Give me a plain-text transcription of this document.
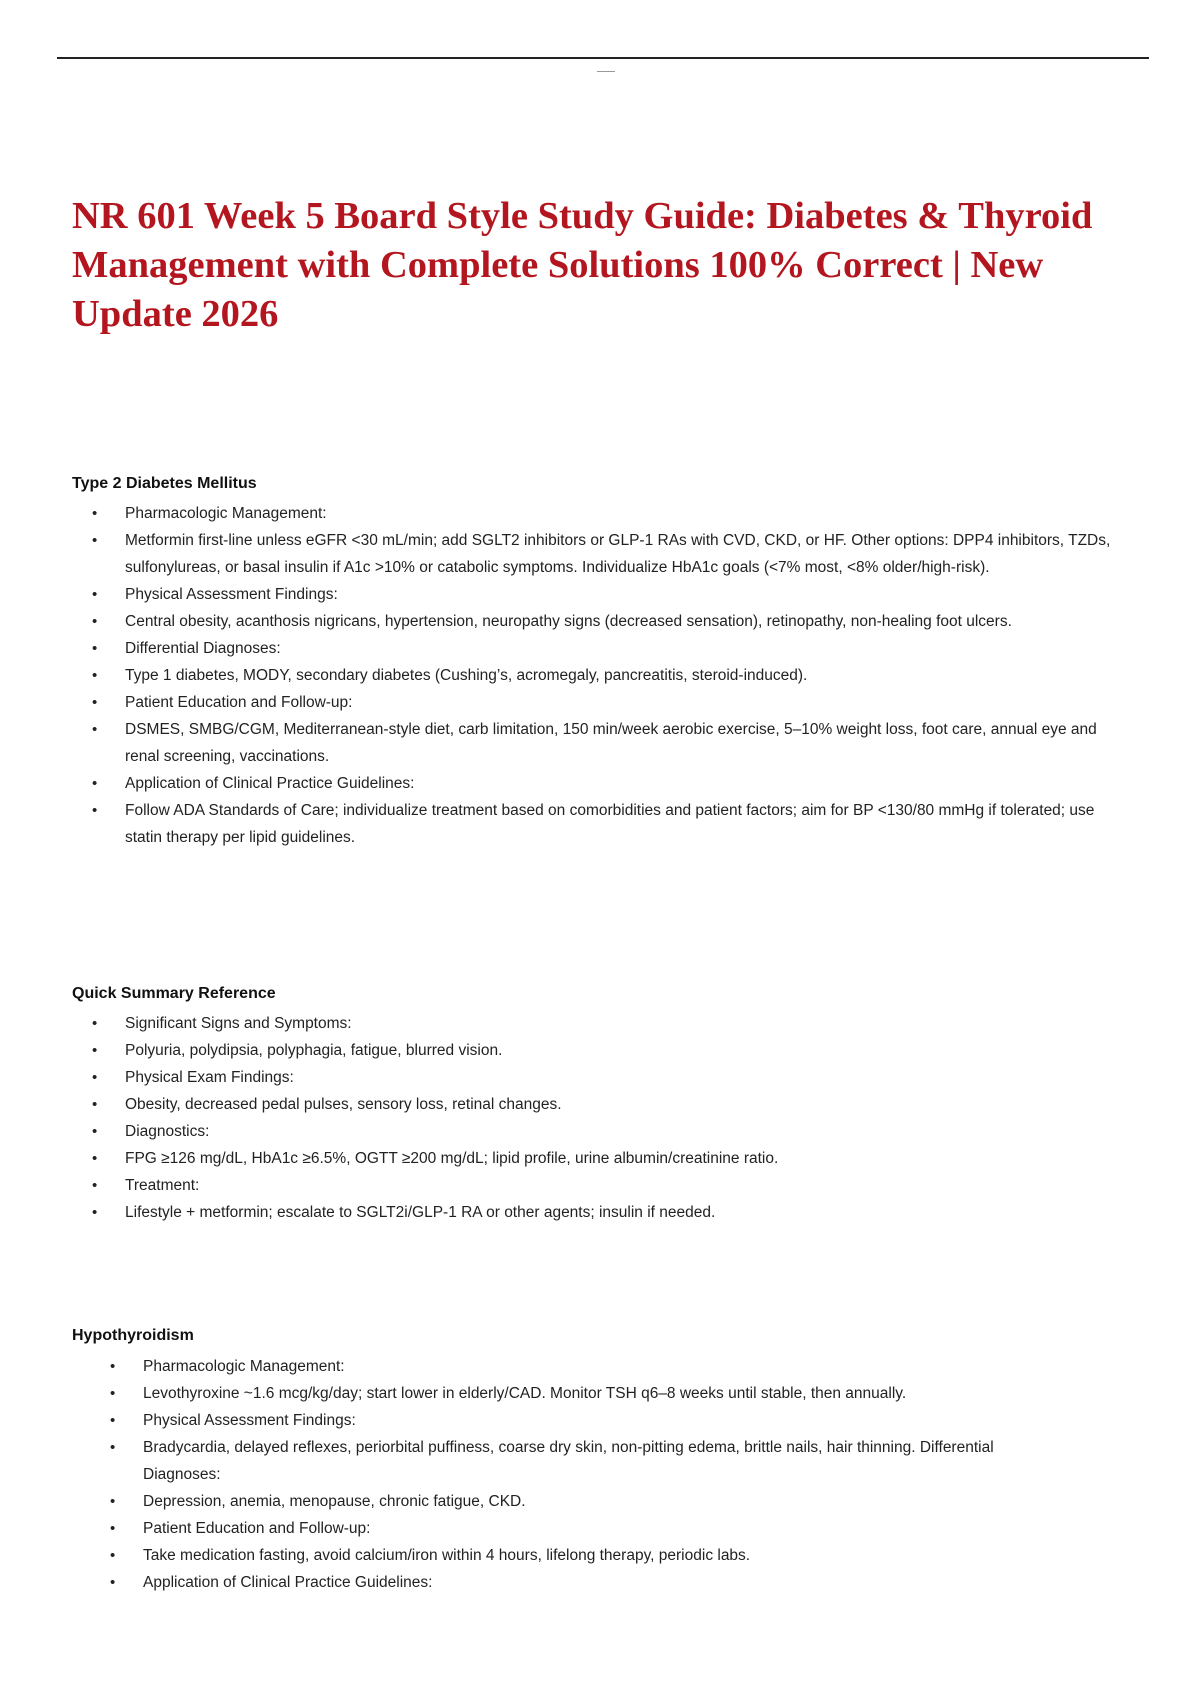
NR 601 Week 5 Board Style Study Guide: Diabetes & Thyroid Management with Complete Solutions 100% Correct | New Update 2026
Type 2 Diabetes Mellitus
• Pharmacologic Management:
• Metformin first-line unless eGFR <30 mL/min; add SGLT2 inhibitors or GLP-1 RAs with CVD, CKD, or HF. Other options: DPP4 inhibitors, TZDs, sulfonylureas, or basal insulin if A1c >10% or catabolic symptoms. Individualize HbA1c goals (<7% most, <8% older/high-risk).
• Physical Assessment Findings:
• Central obesity, acanthosis nigricans, hypertension, neuropathy signs (decreased sensation), retinopathy, non-healing foot ulcers.
• Differential Diagnoses:
• Type 1 diabetes, MODY, secondary diabetes (Cushing’s, acromegaly, pancreatitis, steroid-induced).
• Patient Education and Follow-up:
• DSMES, SMBG/CGM, Mediterranean-style diet, carb limitation, 150 min/week aerobic exercise, 5–10% weight loss, foot care, annual eye and renal screening, vaccinations.
• Application of Clinical Practice Guidelines:
• Follow ADA Standards of Care; individualize treatment based on comorbidities and patient factors; aim for BP <130/80 mmHg if tolerated; use statin therapy per lipid guidelines.
Quick Summary Reference
• Significant Signs and Symptoms:
• Polyuria, polydipsia, polyphagia, fatigue, blurred vision.
• Physical Exam Findings:
• Obesity, decreased pedal pulses, sensory loss, retinal changes.
• Diagnostics:
• FPG ≥126 mg/dL, HbA1c ≥6.5%, OGTT ≥200 mg/dL; lipid profile, urine albumin/creatinine ratio.
• Treatment:
• Lifestyle + metformin; escalate to SGLT2i/GLP-1 RA or other agents; insulin if needed.
Hypothyroidism
• Pharmacologic Management:
• Levothyroxine ~1.6 mcg/kg/day; start lower in elderly/CAD. Monitor TSH q6–8 weeks until stable, then annually.
• Physical Assessment Findings:
• Bradycardia, delayed reflexes, periorbital puffiness, coarse dry skin, non-pitting edema, brittle nails, hair thinning. Differential Diagnoses:
• Depression, anemia, menopause, chronic fatigue, CKD.
• Patient Education and Follow-up:
• Take medication fasting, avoid calcium/iron within 4 hours, lifelong therapy, periodic labs.
• Application of Clinical Practice Guidelines:
